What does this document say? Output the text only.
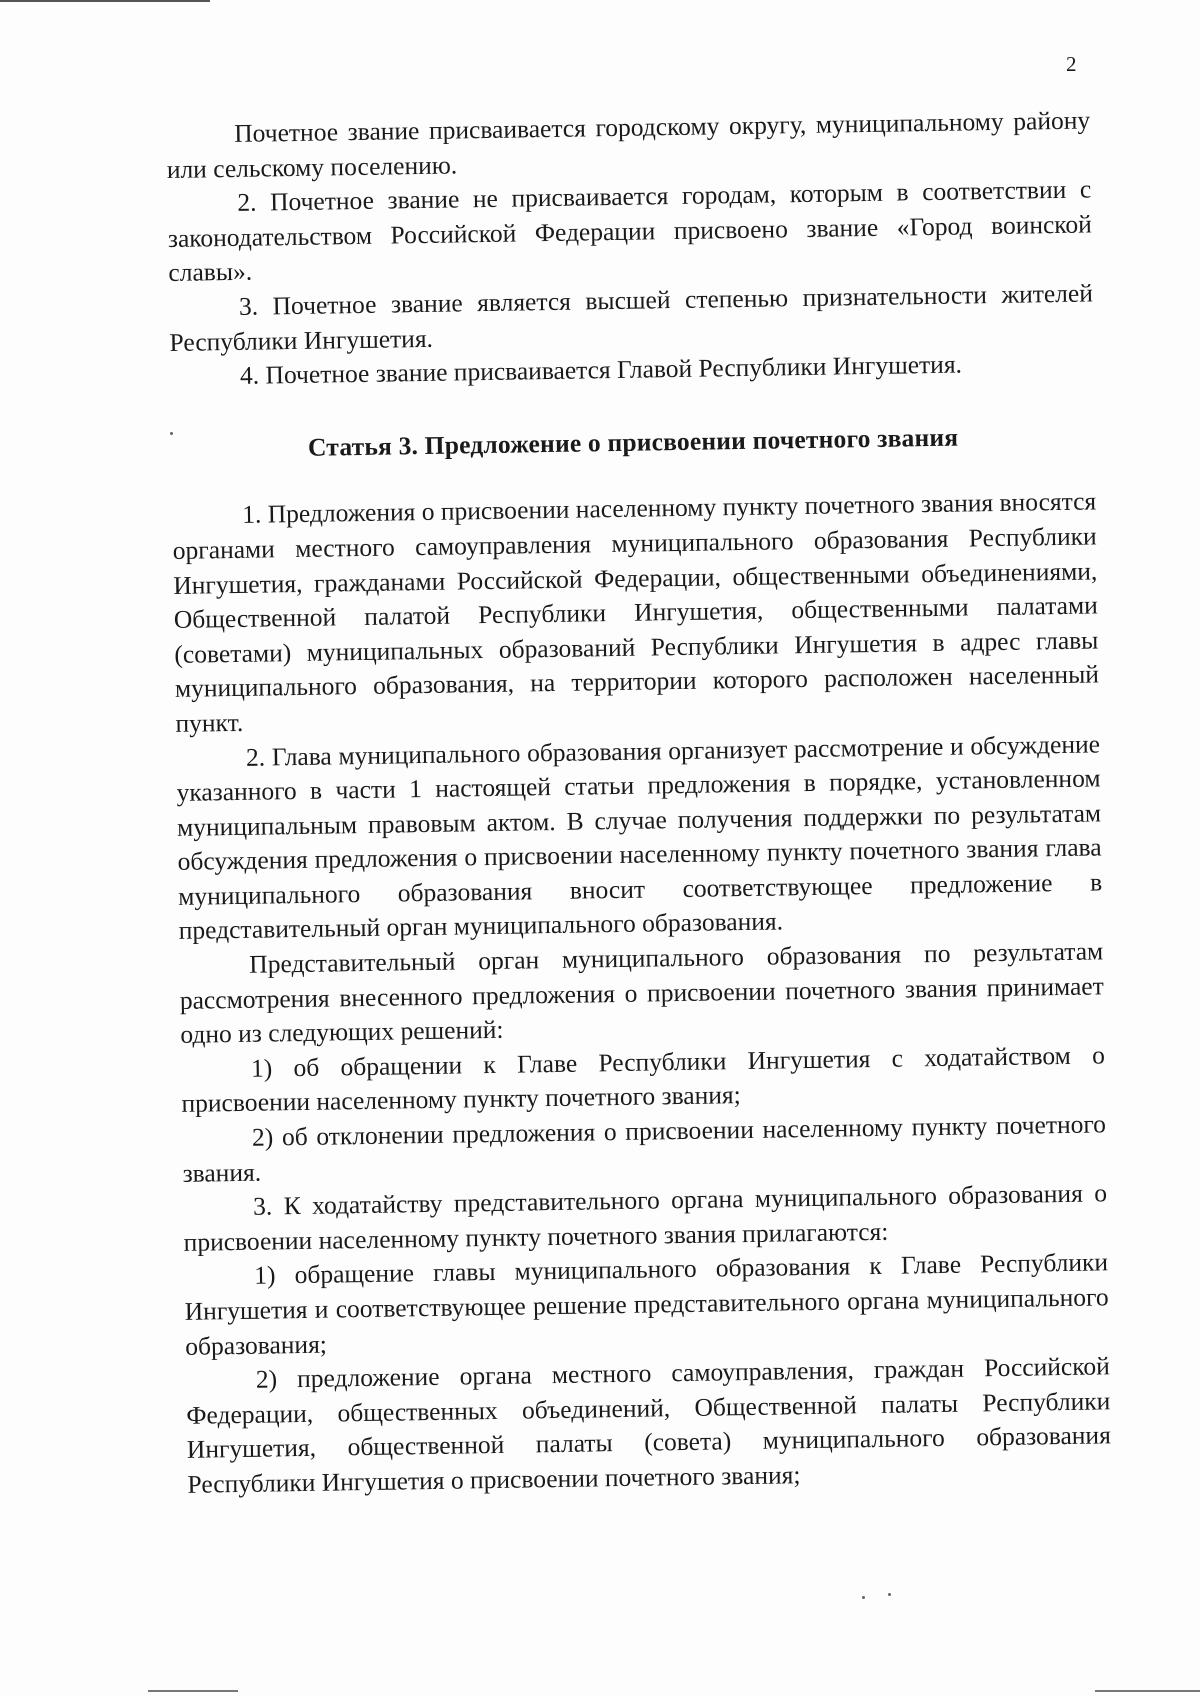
2

Почетное звание присваивается городскому округу, муниципальному району или сельскому поселению.

2. Почетное звание не присваивается городам, которым в соответствии с законодательством Российской Федерации присвоено звание «Город воинской славы».

3. Почетное звание является высшей степенью признательности жителей Республики Ингушетия.

4. Почетное звание присваивается Главой Республики Ингушетия.

Статья 3. Предложение о присвоении почетного звания

1. Предложения о присвоении населенному пункту почетного звания вносятся органами местного самоуправления муниципального образования Республики Ингушетия, гражданами Российской Федерации, общественными объединениями, Общественной палатой Республики Ингушетия, общественными палатами (советами) муниципальных образований Республики Ингушетия в адрес главы муниципального образования, на территории которого расположен населенный пункт.

2. Глава муниципального образования организует рассмотрение и обсуждение указанного в части 1 настоящей статьи предложения в порядке, установленном муниципальным правовым актом. В случае получения поддержки по результатам обсуждения предложения о присвоении населенному пункту почетного звания глава муниципального образования вносит соответствующее предложение в представительный орган муниципального образования.

Представительный орган муниципального образования по результатам рассмотрения внесенного предложения о присвоении почетного звания принимает одно из следующих решений:

1) об обращении к Главе Республики Ингушетия с ходатайством о присвоении населенному пункту почетного звания;

2) об отклонении предложения о присвоении населенному пункту почетного звания.

3. К ходатайству представительного органа муниципального образования о присвоении населенному пункту почетного звания прилагаются:

1) обращение главы муниципального образования к Главе Республики Ингушетия и соответствующее решение представительного органа муниципального образования;

2) предложение органа местного самоуправления, граждан Российской Федерации, общественных объединений, Общественной палаты Республики Ингушетия, общественной палаты (совета) муниципального образования Республики Ингушетия о присвоении почетного звания;
